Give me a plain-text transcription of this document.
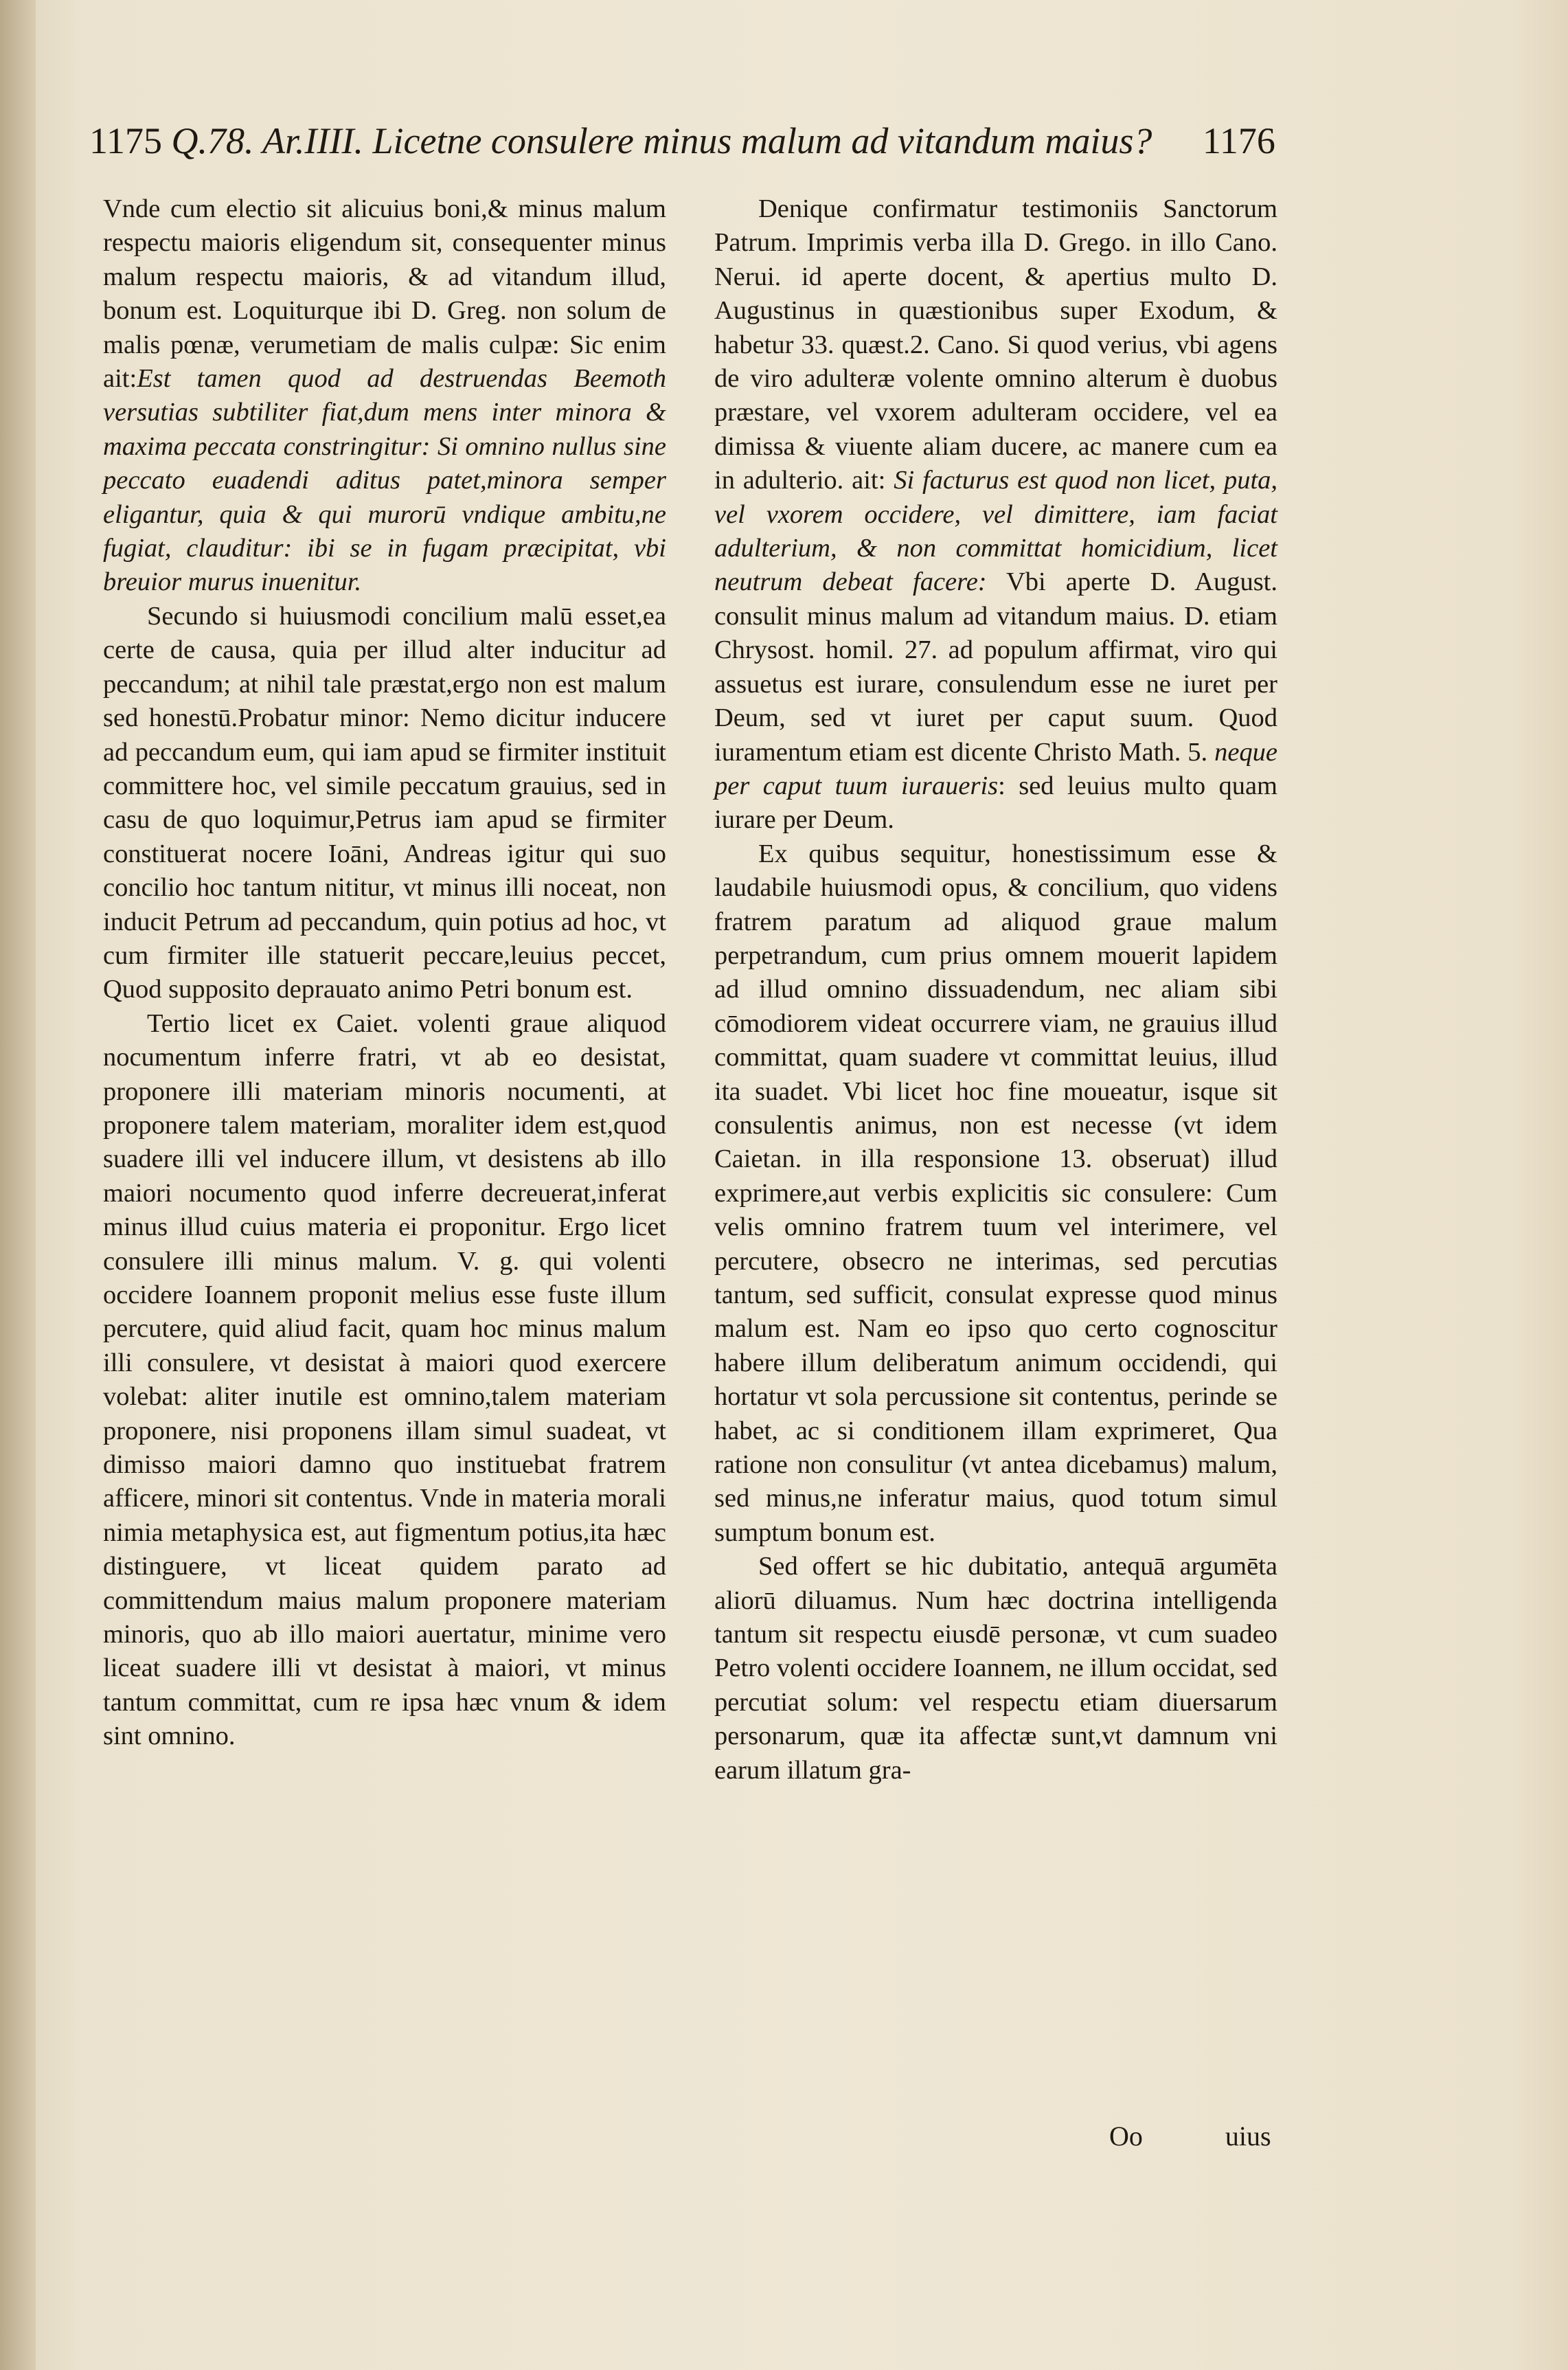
1175 Q.78. Ar.IIII. Licetne consulere minus malum ad vitandum maius? 1176

Vnde cum electio sit alicuius boni,& minus malum respectu maioris eligendum sit, consequenter minus malum respectu maioris, & ad vitandum illud, bonum est. Loquiturque ibi D. Greg. non solum de malis pœnæ, verumetiam de malis culpæ: Sic enim ait:Est tamen quod ad destruendas Beemoth versutias subtiliter fiat,dum mens inter minora & maxima peccata constringitur: Si omnino nullus sine peccato euadendi aditus patet,minora semper eligantur, quia & qui murorū vndique ambitu,ne fugiat, clauditur: ibi se in fugam præcipitat, vbi breuior murus inuenitur.

Secundo si huiusmodi concilium malū esset,ea certe de causa, quia per illud alter inducitur ad peccandum; at nihil tale præstat,ergo non est malum sed honestū.Probatur minor: Nemo dicitur inducere ad peccandum eum, qui iam apud se firmiter instituit committere hoc, vel simile peccatum grauius, sed in casu de quo loquimur,Petrus iam apud se firmiter constituerat nocere Ioāni, Andreas igitur qui suo concilio hoc tantum nititur, vt minus illi noceat, non inducit Petrum ad peccandum, quin potius ad hoc, vt cum firmiter ille statuerit peccare,leuius peccet, Quod supposito deprauato animo Petri bonum est.

Tertio licet ex Caiet. volenti graue aliquod nocumentum inferre fratri, vt ab eo desistat, proponere illi materiam minoris nocumenti, at proponere talem materiam, moraliter idem est,quod suadere illi vel inducere illum, vt desistens ab illo maiori nocumento quod inferre decreuerat,inferat minus illud cuius materia ei proponitur. Ergo licet consulere illi minus malum. V. g. qui volenti occidere Ioannem proponit melius esse fuste illum percutere, quid aliud facit, quam hoc minus malum illi consulere, vt desistat à maiori quod exercere volebat: aliter inutile est omnino,talem materiam proponere, nisi proponens illam simul suadeat, vt dimisso maiori damno quo instituebat fratrem afficere, minori sit contentus. Vnde in materia morali nimia metaphysica est, aut figmentum potius,ita hæc distinguere, vt liceat quidem parato ad committendum maius malum proponere materiam minoris, quo ab illo maiori auertatur, minime vero liceat suadere illi vt desistat à maiori, vt minus tantum committat, cum re ipsa hæc vnum & idem sint omnino.

Denique confirmatur testimoniis Sanctorum Patrum. Imprimis verba illa D. Grego. in illo Cano. Nerui. id aperte docent, & apertius multo D. Augustinus in quæstionibus super Exodum, & habetur 33. quæst.2. Cano. Si quod verius, vbi agens de viro adulteræ volente omnino alterum è duobus præstare, vel vxorem adulteram occidere, vel ea dimissa & viuente aliam ducere, ac manere cum ea in adulterio. ait: Si facturus est quod non licet, puta, vel vxorem occidere, vel dimittere, iam faciat adulterium, & non committat homicidium, licet neutrum debeat facere: Vbi aperte D. August. consulit minus malum ad vitandum maius. D. etiam Chrysost. homil. 27. ad populum affirmat, viro qui assuetus est iurare, consulendum esse ne iuret per Deum, sed vt iuret per caput suum. Quod iuramentum etiam est dicente Christo Math. 5. neque per caput tuum iuraueris: sed leuius multo quam iurare per Deum.

Ex quibus sequitur, honestissimum esse & laudabile huiusmodi opus, & concilium, quo videns fratrem paratum ad aliquod graue malum perpetrandum, cum prius omnem mouerit lapidem ad illud omnino dissuadendum, nec aliam sibi cōmodiorem videat occurrere viam, ne grauius illud committat, quam suadere vt committat leuius, illud ita suadet. Vbi licet hoc fine moueatur, isque sit consulentis animus, non est necesse (vt idem Caietan. in illa responsione 13. obseruat) illud exprimere,aut verbis explicitis sic consulere: Cum velis omnino fratrem tuum vel interimere, vel percutere, obsecro ne interimas, sed percutias tantum, sed sufficit, consulat expresse quod minus malum est. Nam eo ipso quo certo cognoscitur habere illum deliberatum animum occidendi, qui hortatur vt sola percussione sit contentus, perinde se habet, ac si conditionem illam exprimeret, Qua ratione non consulitur (vt antea dicebamus) malum, sed minus,ne inferatur maius, quod totum simul sumptum bonum est.

Sed offert se hic dubitatio, antequā argumēta aliorū diluamus. Num hæc doctrina intelligenda tantum sit respectu eiusdē personæ, vt cum suadeo Petro volenti occidere Ioannem, ne illum occidat, sed percutiat solum: vel respectu etiam diuersarum personarum, quæ ita affectæ sunt,vt damnum vni earum illatum gra-

Oo	uius
